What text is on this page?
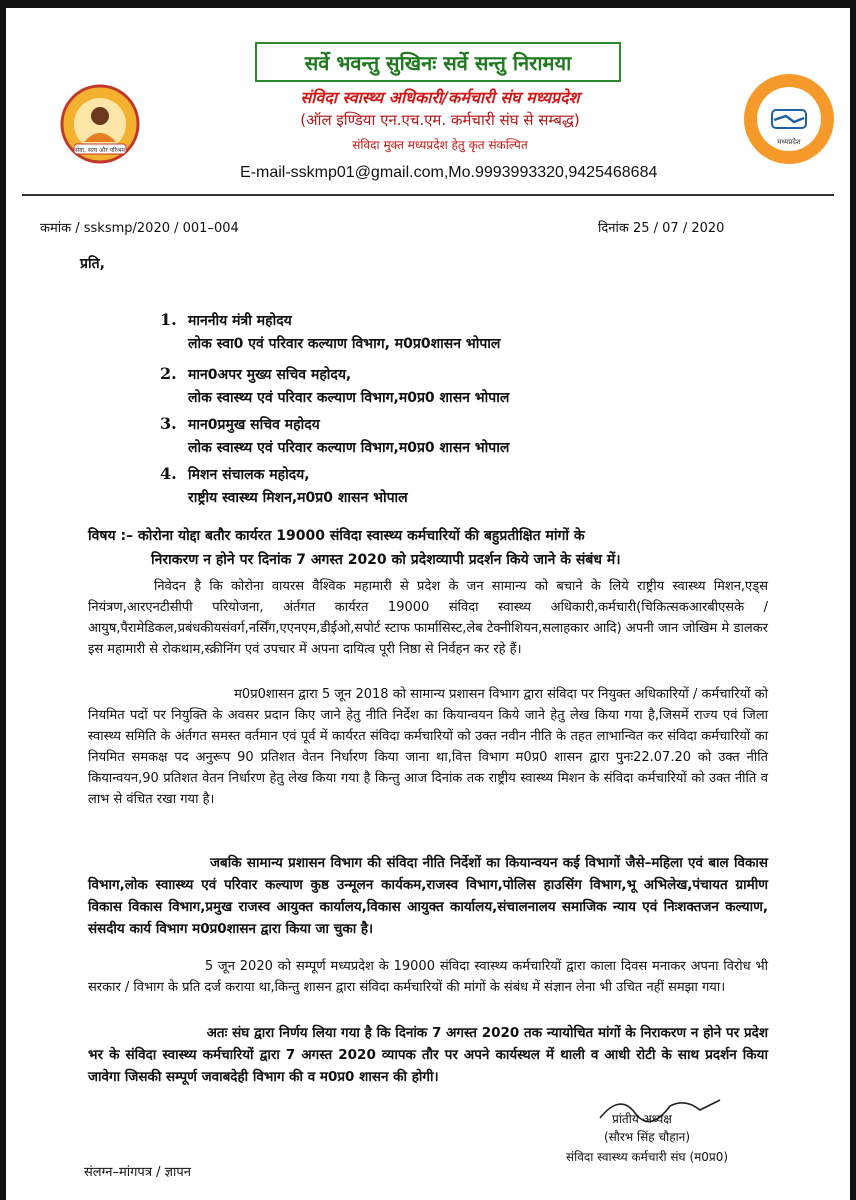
सेवा, सत्य और परिश्रम
मध्यप्रदेश
सर्वे भवन्तु सुखिनः सर्वे सन्तु निरामया
संविदा स्वास्थ्य अधिकारी/कर्मचारी संघ मध्यप्रदेश
(ऑल इण्डिया एन.एच.एम. कर्मचारी संघ से सम्बद्ध)
संविदा मुक्त मध्यप्रदेश हेतु कृत संकल्पित
E-mail-sskmp01@gmail.com,Mo.9993993320,9425468684
कमांक / ssksmp/2020 / 001–004	दिनांक 25 / 07 / 2020
प्रति,
1. माननीय मंत्री महोदय
लोक स्वा0 एवं परिवार कल्याण विभाग, म0प्र0शासन भोपाल
2. मान0अपर मुख्य सचिव महोदय,
लोक स्वास्थ्य एवं परिवार कल्याण विभाग,म0प्र0 शासन भोपाल
3. मान0प्रमुख सचिव महोदय
लोक स्वास्थ्य एवं परिवार कल्याण विभाग,म0प्र0 शासन भोपाल
4. मिशन संचालक महोदय,
राष्ट्रीय स्वास्थ्य मिशन,म0प्र0 शासन भोपाल
विषय :– कोरोना योद्दा बतौर कार्यरत 19000 संविदा स्वास्थ्य कर्मचारियों की बहुप्रतीक्षित मांगों के
निराकरण न होने पर दिनांक 7 अगस्त 2020 को प्रदेशव्यापी प्रदर्शन किये जाने के संबंध में।
निवेदन है कि कोरोना वायरस वैश्विक महामारी से प्रदेश के जन सामान्य को बचाने के लिये राष्ट्रीय स्वास्थ्य मिशन,एड्स नियंत्रण,आरएनटीसीपी परियोजना, अंर्तगत कार्यरत 19000 संविदा स्वास्थ्य अधिकारी,कर्मचारी(चिकित्सकआरबीएसके / आयुष,पैरामेडिकल,प्रबंधकीयसंवर्ग,नर्सिंग,एएनएम,डीईओ,सपोर्ट स्टाफ फार्मासिस्ट,लेब टेक्नीशियन,सलाहकार आदि) अपनी जान जोखिम मे डालकर इस महामारी से रोकथाम,स्क्रीनिंग एवं उपचार में अपना दायित्व पूरी निष्ठा से निर्वहन कर रहे हैं।
म0प्र0शासन द्वारा 5 जून 2018 को सामान्य प्रशासन विभाग द्वारा संविदा पर नियुक्त अधिकारियों / कर्मचारियों को नियमित पदों पर नियुक्ति के अवसर प्रदान किए जाने हेतु नीति निर्देश का कियान्वयन किये जाने हेतु लेख किया गया है,जिसमें राज्य एवं जिला स्वास्थ्य समिति के अंर्तगत समस्त वर्तमान एवं पूर्व में कार्यरत संविदा कर्मचारियों को उक्त नवीन नीति के तहत लाभान्वित कर संविदा कर्मचारियों का नियमित समकक्ष पद अनुरूप 90 प्रतिशत वेतन निर्धारण किया जाना था,वित्त विभाग म0प्र0 शासन द्वारा पुनः22.07.20 को उक्त नीति कियान्वयन,90 प्रतिशत वेतन निर्धारण हेतु लेख किया गया है किन्तु आज दिनांक तक राष्ट्रीय स्वास्थ्य मिशन के संविदा कर्मचारियों को उक्त नीति व लाभ से वंचित रखा गया है।
जबकि सामान्य प्रशासन विभाग की संविदा नीति निर्देशों का कियान्वयन कई विभागों जैसे–महिला एवं बाल विकास विभाग,लोक स्वाास्थ्य एवं परिवार कल्याण कुष्ठ उन्मूलन कार्यकम,राजस्व विभाग,पोलिस हाउसिंग विभाग,भू अभिलेख,पंचायत ग्रामीण विकास विकास विभाग,प्रमुख राजस्व आयुक्त कार्यालय,विकास आयुक्त कार्यालय,संचालनालय समाजिक न्याय एवं निःशक्तजन कल्याण, संसदीय कार्य विभाग म0प्र0शासन द्वारा किया जा चुका है।
5 जून 2020 को सम्पूर्ण मध्यप्रदेश के 19000 संविदा स्वास्थ्य कर्मचारियों द्वारा काला दिवस मनाकर अपना विरोध भी सरकार / विभाग के प्रति दर्ज कराया था,किन्तु शासन द्वारा संविदा कर्मचारियों की मांगों के संबंध में संज्ञान लेना भी उचित नहीं समझा गया।
अतः संघ द्वारा निर्णय लिया गया है कि दिनांक 7 अगस्त 2020 तक न्यायोचित मांगों के निराकरण न होने पर प्रदेश भर के संविदा स्वास्थ्य कर्मचारियों द्वारा 7 अगस्त 2020 व्यापक तौर पर अपने कार्यस्थल में थाली व आधी रोटी के साथ प्रदर्शन किया जावेगा जिसकी सम्पूर्ण जवाबदेही विभाग की व म0प्र0 शासन की होगी।
प्रांतीय अध्यक्ष
(सौरभ सिंह चौहान)
संविदा स्वास्थ्य कर्मचारी संघ (म0प्र0)
संलग्न–मांगपत्र / ज्ञापन
